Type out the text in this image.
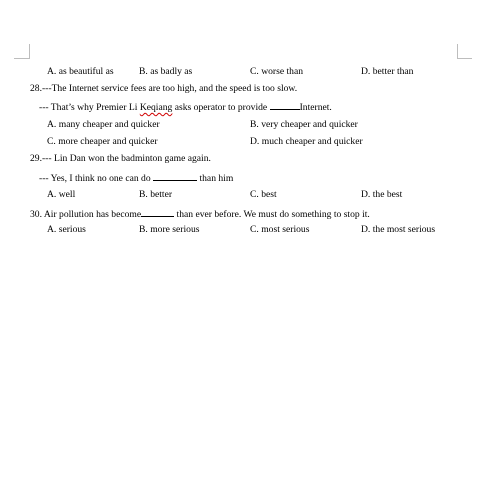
A. as beautiful as	B. as badly as	C. worse than	D. better than
28.---The Internet service fees are too high, and the speed is too slow.
--- That’s why Premier Li Keqiang asks operator to provide	Internet.
A. many cheaper and quicker	B. very cheaper and quicker
C. more cheaper and quicker	D. much cheaper and quicker
29.--- Lin Dan won the badminton game again.
--- Yes, I think no one can do	than him
A. well	B. better	C. best	D. the best
30. Air pollution has become	than ever before. We must do something to stop it.
A. serious	B. more serious	C. most serious	D. the most serious
